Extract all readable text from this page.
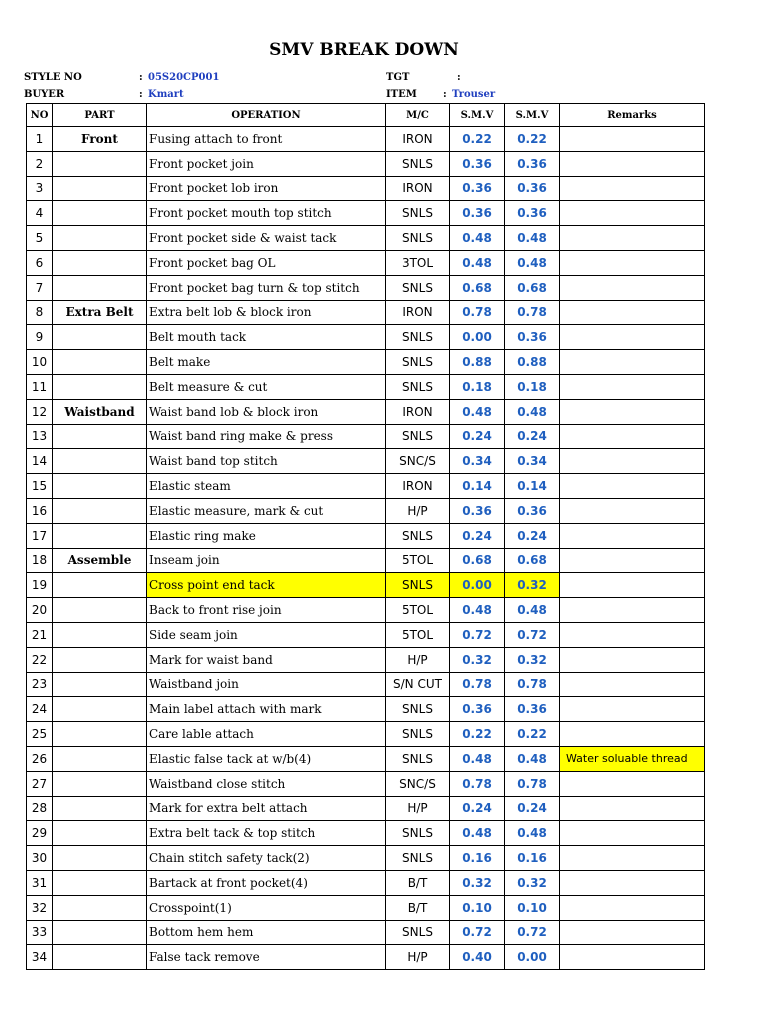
SMV BREAK DOWN
STYLE NO	: 05S20CP001	TGT	:
BUYER	: Kmart	ITEM	: Trouser
NO	PART	OPERATION	M/C	S.M.V	S.M.V	Remarks
1	Front	Fusing attach to front	IRON	0.22	0.22	
2		Front pocket join	SNLS	0.36	0.36	
3		Front pocket lob iron	IRON	0.36	0.36	
4		Front pocket mouth top stitch	SNLS	0.36	0.36	
5		Front pocket side & waist tack	SNLS	0.48	0.48	
6		Front pocket bag OL	3TOL	0.48	0.48	
7		Front pocket bag turn & top stitch	SNLS	0.68	0.68	
8	Extra Belt	Extra belt lob & block iron	IRON	0.78	0.78	
9		Belt mouth tack	SNLS	0.00	0.36	
10		Belt make	SNLS	0.88	0.88	
11		Belt measure & cut	SNLS	0.18	0.18	
12	Waistband	Waist band lob & block iron	IRON	0.48	0.48	
13		Waist band ring make & press	SNLS	0.24	0.24	
14		Waist band top stitch	SNC/S	0.34	0.34	
15		Elastic steam	IRON	0.14	0.14	
16		Elastic measure, mark & cut	H/P	0.36	0.36	
17		Elastic ring make	SNLS	0.24	0.24	
18	Assemble	Inseam join	5TOL	0.68	0.68	
19		Cross point end tack	SNLS	0.00	0.32	
20		Back to front rise join	5TOL	0.48	0.48	
21		Side seam join	5TOL	0.72	0.72	
22		Mark for waist band	H/P	0.32	0.32	
23		Waistband join	S/N CUT	0.78	0.78	
24		Main label attach with mark	SNLS	0.36	0.36	
25		Care lable attach	SNLS	0.22	0.22	
26		Elastic false tack at w/b(4)	SNLS	0.48	0.48	Water soluable thread
27		Waistband close stitch	SNC/S	0.78	0.78	
28		Mark for extra belt attach	H/P	0.24	0.24	
29		Extra belt tack & top stitch	SNLS	0.48	0.48	
30		Chain stitch safety tack(2)	SNLS	0.16	0.16	
31		Bartack at front pocket(4)	B/T	0.32	0.32	
32		Crosspoint(1)	B/T	0.10	0.10	
33		Bottom hem hem	SNLS	0.72	0.72	
34		False tack remove	H/P	0.40	0.00	
